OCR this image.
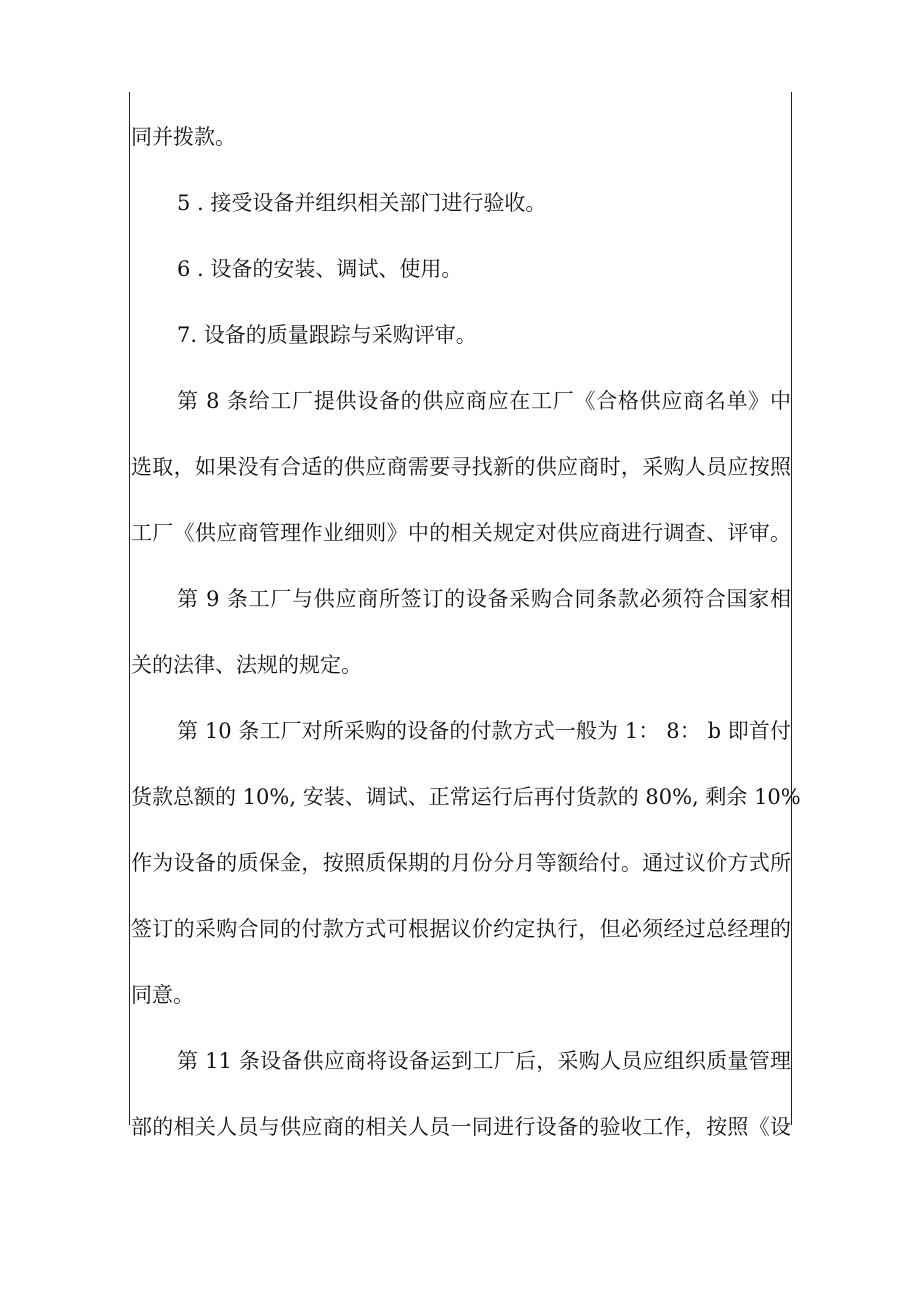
同并拨款。
5 . 接受设备并组织相关部门进行验收。
6 . 设备的安装、调试、使用。
7. 设备的质量跟踪与采购评审。
第 8 条给工厂提供设备的供应商应在工厂《合格供应商名单》中
选取，如果没有合适的供应商需要寻找新的供应商时，采购人员应按照
工厂《供应商管理作业细则》中的相关规定对供应商进行调查、评审。
第 9 条工厂与供应商所签订的设备采购合同条款必须符合国家相
关的法律、法规的规定。
第 10 条工厂对所采购的设备的付款方式一般为 1： 8： b 即首付
货款总额的 10%, 安装、调试、正常运行后再付货款的 80%, 剩余 10%
作为设备的质保金，按照质保期的月份分月等额给付。通过议价方式所
签订的采购合同的付款方式可根据议价约定执行，但必须经过总经理的
同意。
第 11 条设备供应商将设备运到工厂后，采购人员应组织质量管理
部的相关人员与供应商的相关人员一同进行设备的验收工作，按照《设
